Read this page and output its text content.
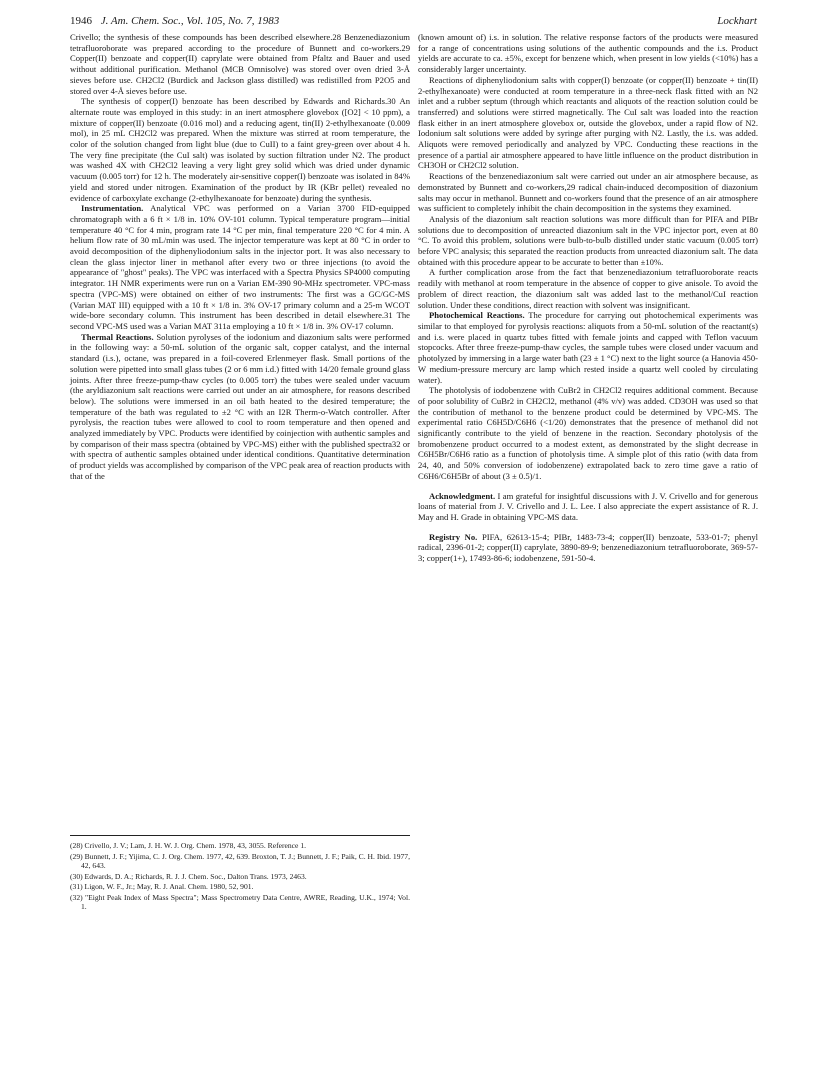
1946 J. Am. Chem. Soc., Vol. 105, No. 7, 1983	Lockhart

Crivello; the synthesis of these compounds has been described elsewhere.28 Benzenediazonium tetrafluoroborate was prepared according to the procedure of Bunnett and co-workers.29 Copper(II) benzoate and copper(II) caprylate were obtained from Pfaltz and Bauer and used without additional purification. Methanol (MCB Omnisolve) was stored over oven dried 3-Å sieves before use. CH2Cl2 (Burdick and Jackson glass distilled) was redistilled from P2O5 and stored over 4-Å sieves before use.

The synthesis of copper(I) benzoate has been described by Edwards and Richards.30 An alternate route was employed in this study: in an inert atmosphere glovebox ([O2] < 10 ppm), a mixture of copper(II) benzoate (0.016 mol) and a reducing agent, tin(II) 2-ethylhexanoate (0.009 mol), in 25 mL CH2Cl2 was prepared. When the mixture was stirred at room temperature, the color of the solution changed from light blue (due to CuII) to a faint grey-green over about 4 h. The very fine precipitate (the CuI salt) was isolated by suction filtration under N2. The product was washed 4X with CH2Cl2 leaving a very light grey solid which was dried under dynamic vacuum (0.005 torr) for 12 h. The moderately air-sensitive copper(I) benzoate was isolated in 84% yield and stored under nitrogen. Examination of the product by IR (KBr pellet) revealed no evidence of carboxylate exchange (2-ethylhexanoate for benzoate) during the synthesis.

Instrumentation. Analytical VPC was performed on a Varian 3700 FID-equipped chromatograph with a 6 ft × 1/8 in. 10% OV-101 column. Typical temperature program—initial temperature 40 °C for 4 min, program rate 14 °C per min, final temperature 220 °C for 4 min. A helium flow rate of 30 mL/min was used. The injector temperature was kept at 80 °C in order to avoid decomposition of the diphenyliodonium salts in the injector port. It was also necessary to clean the glass injector liner in methanol after every two or three injections (to avoid the appearance of "ghost" peaks). The VPC was interfaced with a Spectra Physics SP4000 computing integrator. 1H NMR experiments were run on a Varian EM-390 90-MHz spectrometer. VPC-mass spectra (VPC-MS) were obtained on either of two instruments: The first was a GC/GC-MS (Varian MAT III) equipped with a 10 ft × 1/8 in. 3% OV-17 primary column and a 25-m WCOT wide-bore secondary column. This instrument has been described in detail elsewhere.31 The second VPC-MS used was a Varian MAT 311a employing a 10 ft × 1/8 in. 3% OV-17 column.

Thermal Reactions. Solution pyrolyses of the iodonium and diazonium salts were performed in the following way: a 50-mL solution of the organic salt, copper catalyst, and the internal standard (i.s.), octane, was prepared in a foil-covered Erlenmeyer flask. Small portions of the solution were pipetted into small glass tubes (2 or 6 mm i.d.) fitted with 14/20 female ground glass joints. After three freeze-pump-thaw cycles (to 0.005 torr) the tubes were sealed under vacuum (the aryldiazonium salt reactions were carried out under an air atmosphere, for reasons described below). The solutions were immersed in an oil bath heated to the desired temperature; the temperature of the bath was regulated to ±2 °C with an I2R Therm-o-Watch controller. After pyrolysis, the reaction tubes were allowed to cool to room temperature and then opened and analyzed immediately by VPC. Products were identified by coinjection with authentic samples and by comparison of their mass spectra (obtained by VPC-MS) either with the published spectra32 or with spectra of authentic samples obtained under identical conditions. Quantitative determination of product yields was accomplished by comparison of the VPC peak area of reaction products with that of the

(28) Crivello, J. V.; Lam, J. H. W. J. Org. Chem. 1978, 43, 3055. Reference 1.

(29) Bunnett, J. F.; Yijima, C. J. Org. Chem. 1977, 42, 639. Broxton, T. J.; Bunnett, J. F.; Paik, C. H. Ibid. 1977, 42, 643.

(30) Edwards, D. A.; Richards, R. J. J. Chem. Soc., Dalton Trans. 1973, 2463.

(31) Ligon, W. F., Jr.; May, R. J. Anal. Chem. 1980, 52, 901.

(32) "Eight Peak Index of Mass Spectra"; Mass Spectrometry Data Centre, AWRE, Reading, U.K., 1974; Vol. 1.

(known amount of) i.s. in solution. The relative response factors of the products were measured for a range of concentrations using solutions of the authentic compounds and the i.s. Product yields are accurate to ca. ±5%, except for benzene which, when present in low yields (<10%) has a considerably larger uncertainty.

Reactions of diphenyliodonium salts with copper(I) benzoate (or copper(II) benzoate + tin(II) 2-ethylhexanoate) were conducted at room temperature in a three-neck flask fitted with an N2 inlet and a rubber septum (through which reactants and aliquots of the reaction solution could be transferred) and solutions were stirred magnetically. The CuI salt was loaded into the reaction flask either in an inert atmosphere glovebox or, outside the glovebox, under a rapid flow of N2. Iodonium salt solutions were added by syringe after purging with N2. Lastly, the i.s. was added. Aliquots were removed periodically and analyzed by VPC. Conducting these reactions in the presence of a partial air atmosphere appeared to have little influence on the product distribution in CH3OH or CH2Cl2 solution.

Reactions of the benzenediazonium salt were carried out under an air atmosphere because, as demonstrated by Bunnett and co-workers,29 radical chain-induced decomposition of diazonium salts may occur in methanol. Bunnett and co-workers found that the presence of an air atmosphere was sufficient to completely inhibit the chain decomposition in the systems they examined.

Analysis of the diazonium salt reaction solutions was more difficult than for PIFA and PIBr solutions due to decomposition of unreacted diazonium salt in the VPC injector port, even at 80 °C. To avoid this problem, solutions were bulb-to-bulb distilled under static vacuum (0.005 torr) before VPC analysis; this separated the reaction products from unreacted diazonium salt. The data obtained with this procedure appear to be accurate to better than ±10%.

A further complication arose from the fact that benzenediazonium tetrafluoroborate reacts readily with methanol at room temperature in the absence of copper to give anisole. To avoid the problem of direct reaction, the diazonium salt was added last to the methanol/CuI reaction solution. Under these conditions, direct reaction with solvent was insignificant.

Photochemical Reactions. The procedure for carrying out photochemical experiments was similar to that employed for pyrolysis reactions: aliquots from a 50-mL solution of the reactant(s) and i.s. were placed in quartz tubes fitted with female joints and capped with Teflon vacuum stopcocks. After three freeze-pump-thaw cycles, the sample tubes were closed under vacuum and photolyzed by immersing in a large water bath (23 ± 1 °C) next to the light source (a Hanovia 450-W medium-pressure mercury arc lamp which rested inside a quartz well cooled by circulating water).

The photolysis of iodobenzene with CuBr2 in CH2Cl2 requires additional comment. Because of poor solubility of CuBr2 in CH2Cl2, methanol (4% v/v) was added. CD3OH was used so that the contribution of methanol to the benzene product could be determined by VPC-MS. The experimental ratio C6H5D/C6H6 (<1/20) demonstrates that the presence of methanol did not significantly contribute to the yield of benzene in the reaction. Secondary photolysis of the bromobenzene product occurred to a modest extent, as demonstrated by the slight decrease in C6H5Br/C6H6 ratio as a function of photolysis time. A simple plot of this ratio (with data from 24, 40, and 50% conversion of iodobenzene) extrapolated back to zero time gave a ratio of C6H6/C6H5Br of about (3 ± 0.5)/1.

Acknowledgment. I am grateful for insightful discussions with J. V. Crivello and for generous loans of material from J. V. Crivello and J. L. Lee. I also appreciate the expert assistance of R. J. May and H. Grade in obtaining VPC-MS data.

Registry No. PIFA, 62613-15-4; PIBr, 1483-73-4; copper(II) benzoate, 533-01-7; phenyl radical, 2396-01-2; copper(II) caprylate, 3890-89-9; benzenediazonium tetrafluoroborate, 369-57-3; copper(1+), 17493-86-6; iodobenzene, 591-50-4.
